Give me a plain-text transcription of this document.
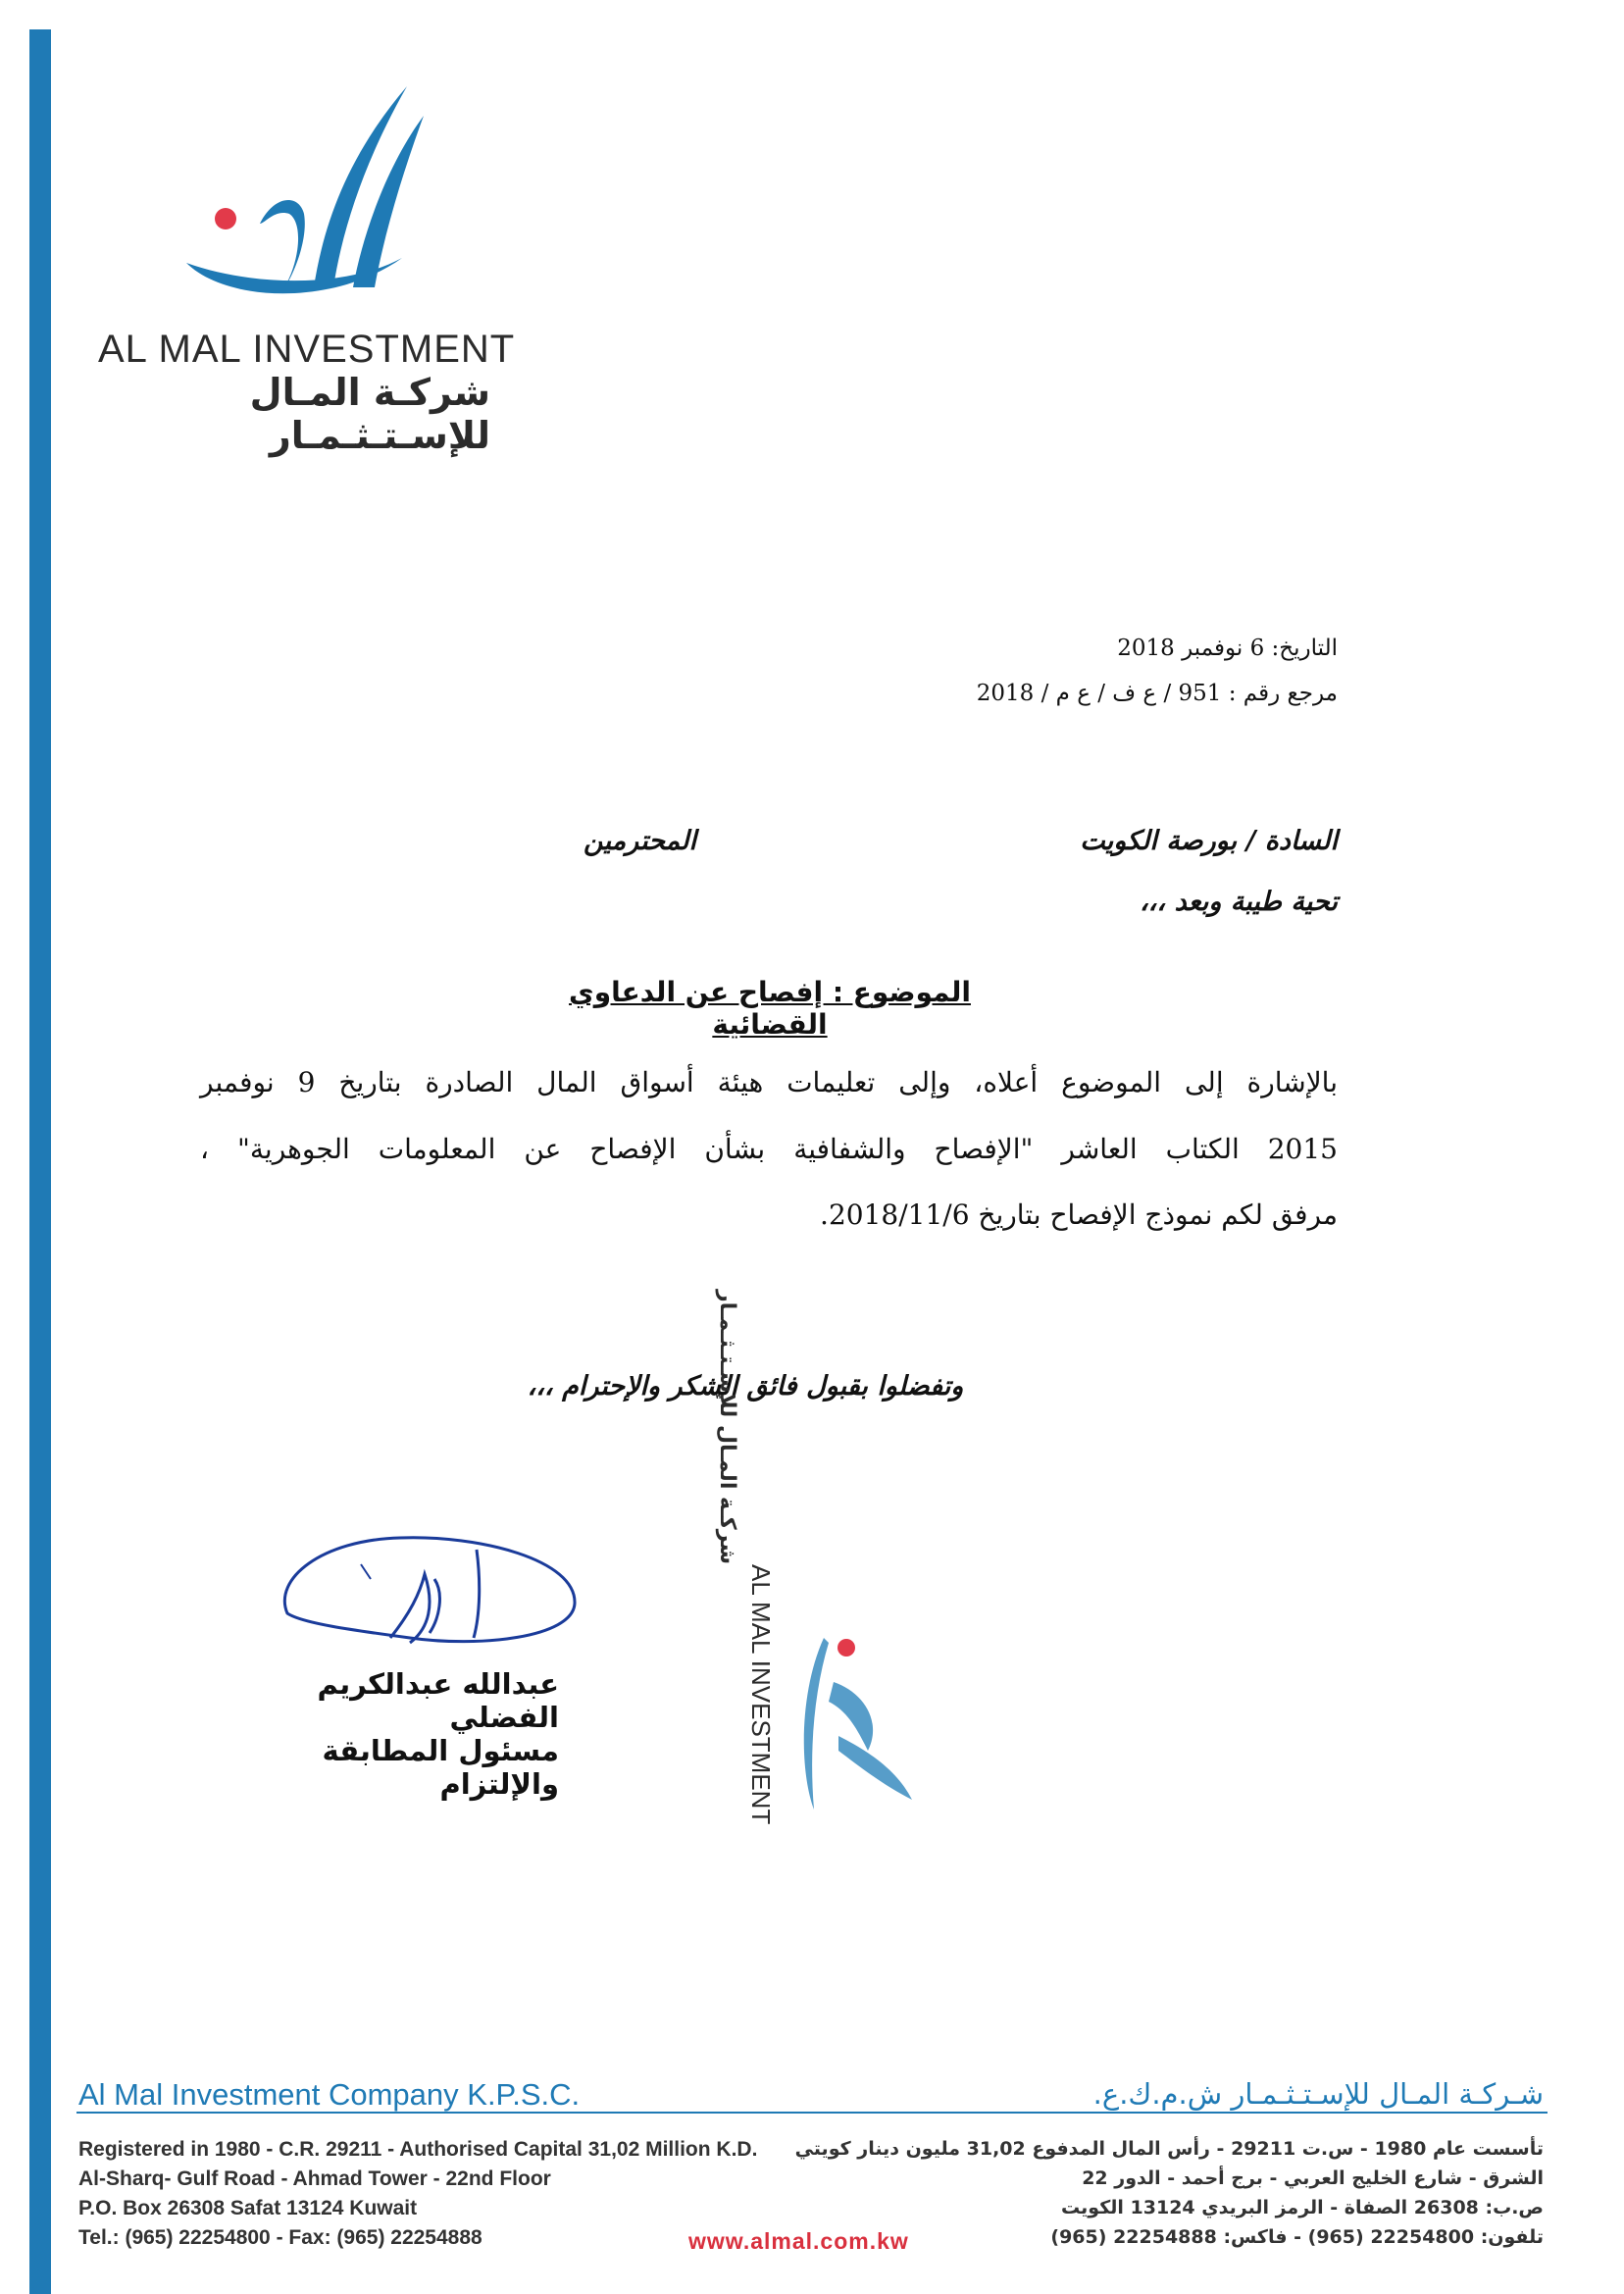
AL MAL INVESTMENT
شركـة المـال للإسـتـثـمـار
التاريخ: 6 نوفمبر 2018
مرجع رقم : 951 / ع ف / ع م / 2018
السادة / بورصة الكويت
المحترمين
تحية طيبة وبعد ،،،
الموضوع : إفصاح عن الدعاوي القضائية
بالإشارة إلى الموضوع أعلاه، وإلى تعليمات هيئة أسواق المال الصادرة بتاريخ 9 نوفمبر
2015 الكتاب العاشر "الإفصاح والشفافية بشأن الإفصاح عن المعلومات الجوهرية" ،
مرفق لكم نموذج الإفصاح بتاريخ 2018/11/6.
وتفضلوا بقبول فائق الشكر والإحترام ،،،
عبدالله عبدالكريم الفضلي
مسئول المطابقة والإلتزام	AL MAL INVESTMENT
شركـة المـال للإسـتـثـمـار
Al Mal Investment Company K.P.S.C.	شـركـة المـال للإسـتـثـمـار ش.م.ك.ع.
Registered in 1980 - C.R. 29211 - Authorised Capital 31,02 Million K.D.
Al-Sharq- Gulf Road - Ahmad Tower - 22nd Floor
P.O. Box 26308 Safat 13124 Kuwait
Tel.: (965) 22254800 - Fax: (965) 22254888
تأسست عام 1980 - س.ت 29211 - رأس المال المدفوع 31,02 مليون دينار كويتي
الشرق - شارع الخليج العربي - برج أحمد - الدور 22
ص.ب: 26308 الصفاة - الرمز البريدي 13124 الكويت
تلفون: 22254800 (965) - فاكس: 22254888 (965)
www.almal.com.kw
